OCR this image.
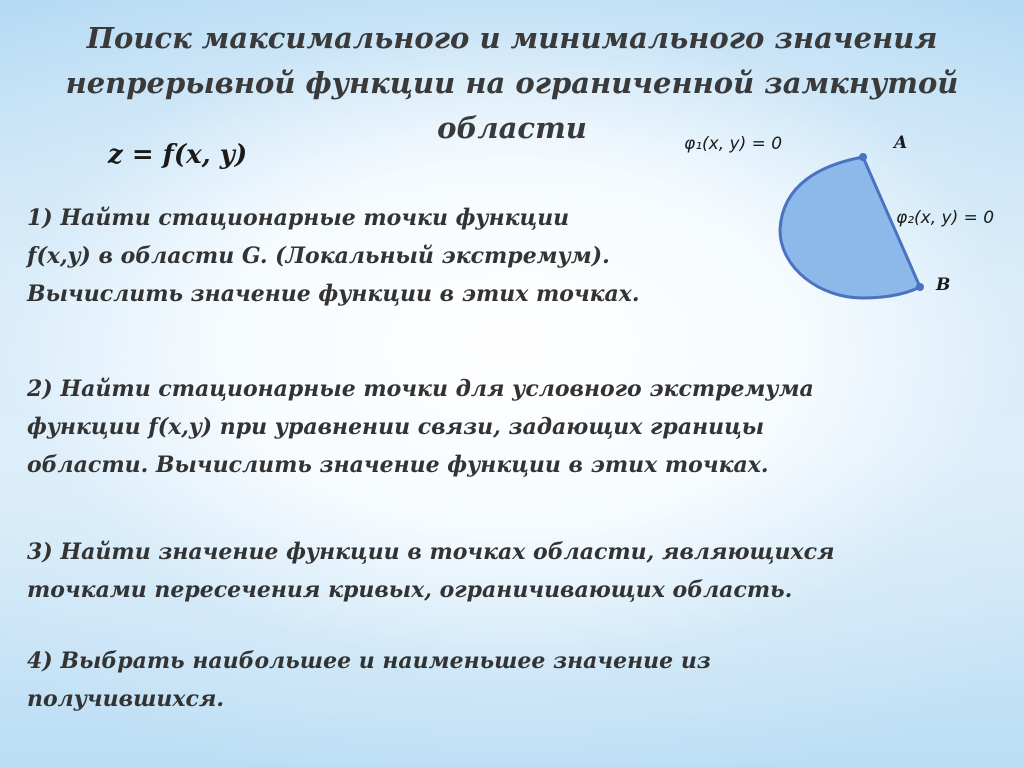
Поиск максимального и минимального значения
непрерывной функции на ограниченной замкнутой
области
z = f(x, y)	φ₁(x, y) = 0
φ₂(x, y) = 0
A
B

1) Найти стационарные точки функции
f(x,y) в области G. (Локальный экстремум).
Вычислить значение функции в этих точках.

2) Найти стационарные точки для условного экстремума
функции f(x,y) при уравнении связи, задающих границы
области. Вычислить значение функции в этих точках.

3) Найти значение функции в точках области, являющихся
точками пересечения кривых, ограничивающих область.

4) Выбрать наибольшее и наименьшее значение из
получившихся.
